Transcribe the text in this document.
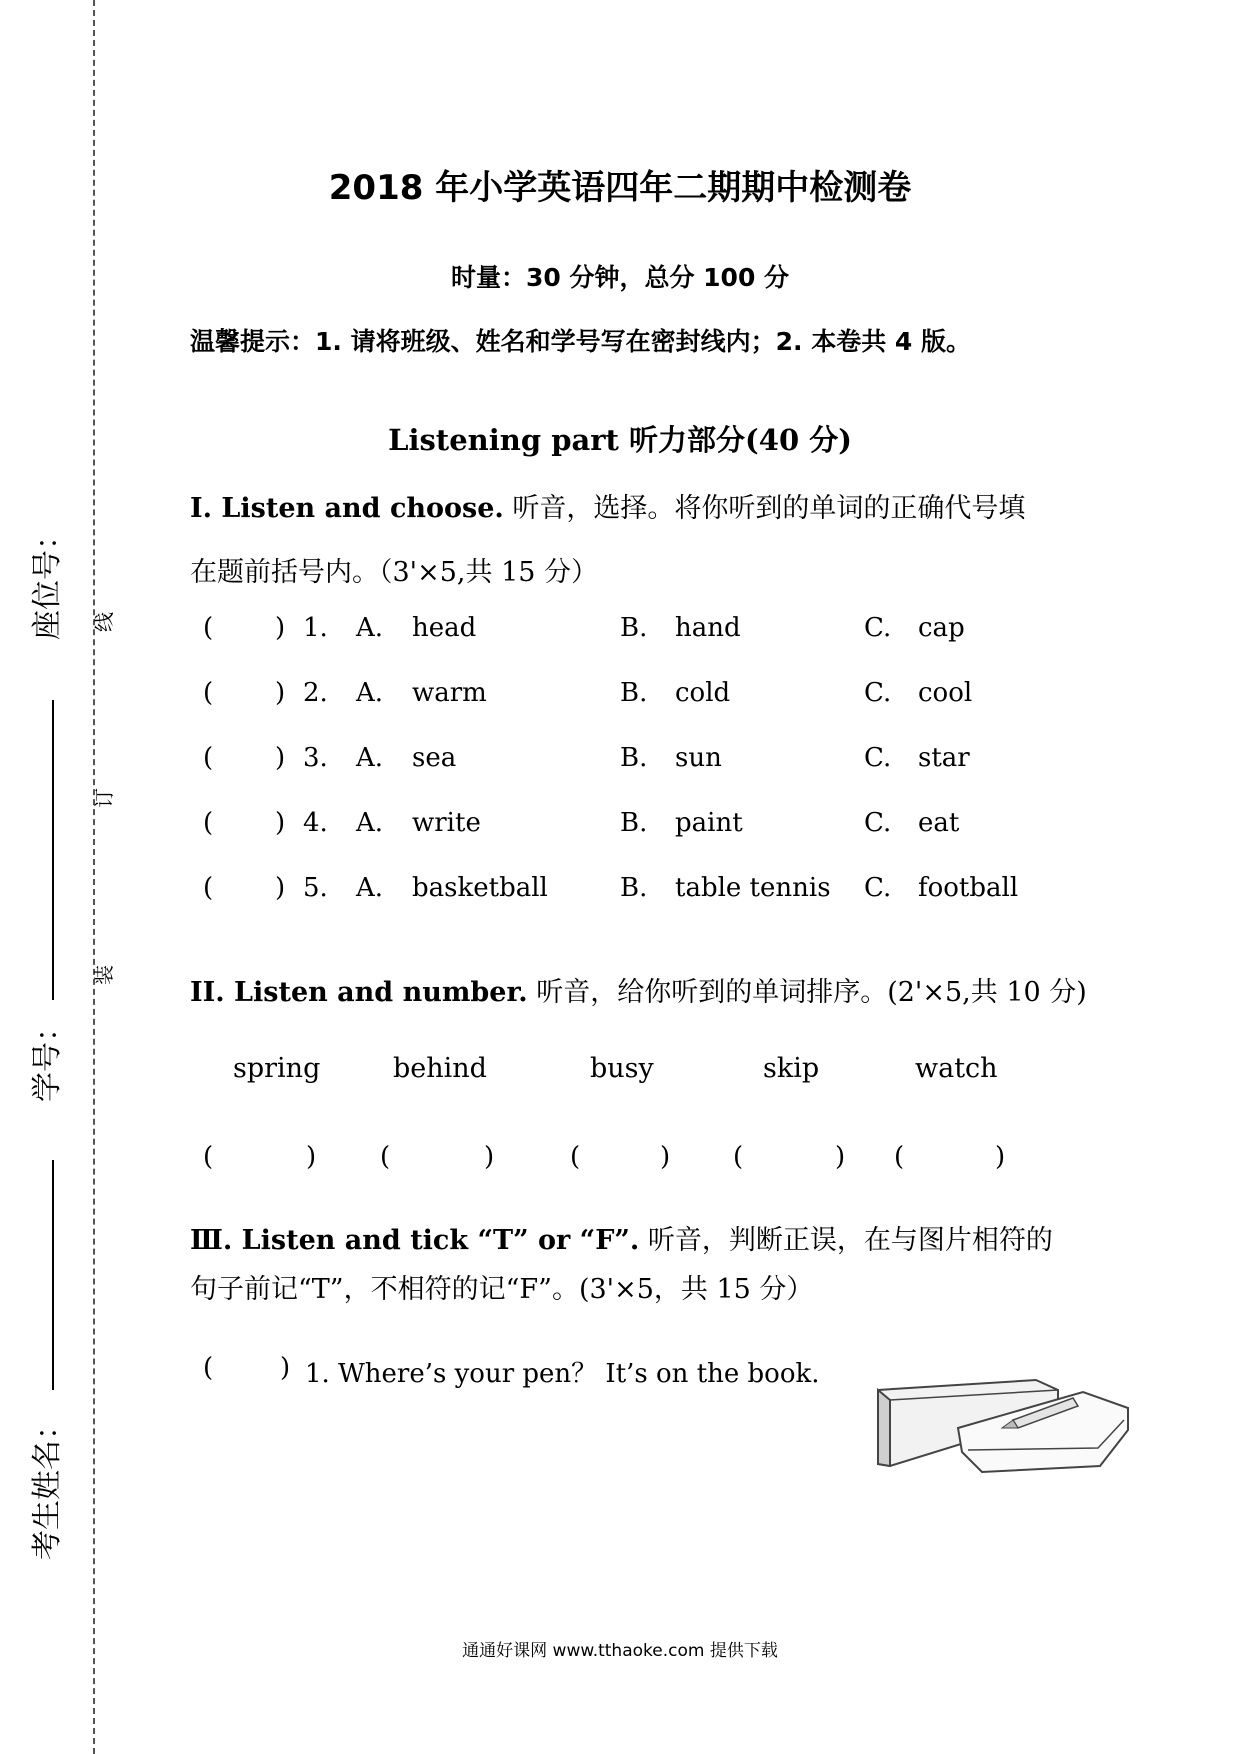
考生姓名：
学号：
座位号：
装
订
线
2018 年小学英语四年二期期中检测卷
时量：30 分钟，总分 100 分
温馨提示：1. 请将班级、姓名和学号写在密封线内；2. 本卷共 4 版。
Listening part 听力部分(40 分)
Ⅰ. Listen and choose. 听音，选择。将你听到的单词的正确代号填
在题前括号内。（3'×5,共 15 分）
( ) 1. A. head	B. hand	C. cap
( ) 2. A. warm	B. cold	C. cool
( ) 3. A. sea	B. sun	C. star
( ) 4. A. write	B. paint	C. eat
( ) 5. A. basketball	B. table tennis C. football
II. Listen and number. 听音，给你听到的单词排序。(2'×5,共 10 分)
spring	behind	busy	skip	watch
(	) (	)	(	) (	) (	)
Ⅲ. Listen and tick “T” or “F”. 听音，判断正误，在与图片相符的
句子前记“T”，不相符的记“F”。(3'×5，共 15 分）
(	) 1. Where’s your pen？ It’s on the book.
通通好课网 www.tthaoke.com 提供下载
